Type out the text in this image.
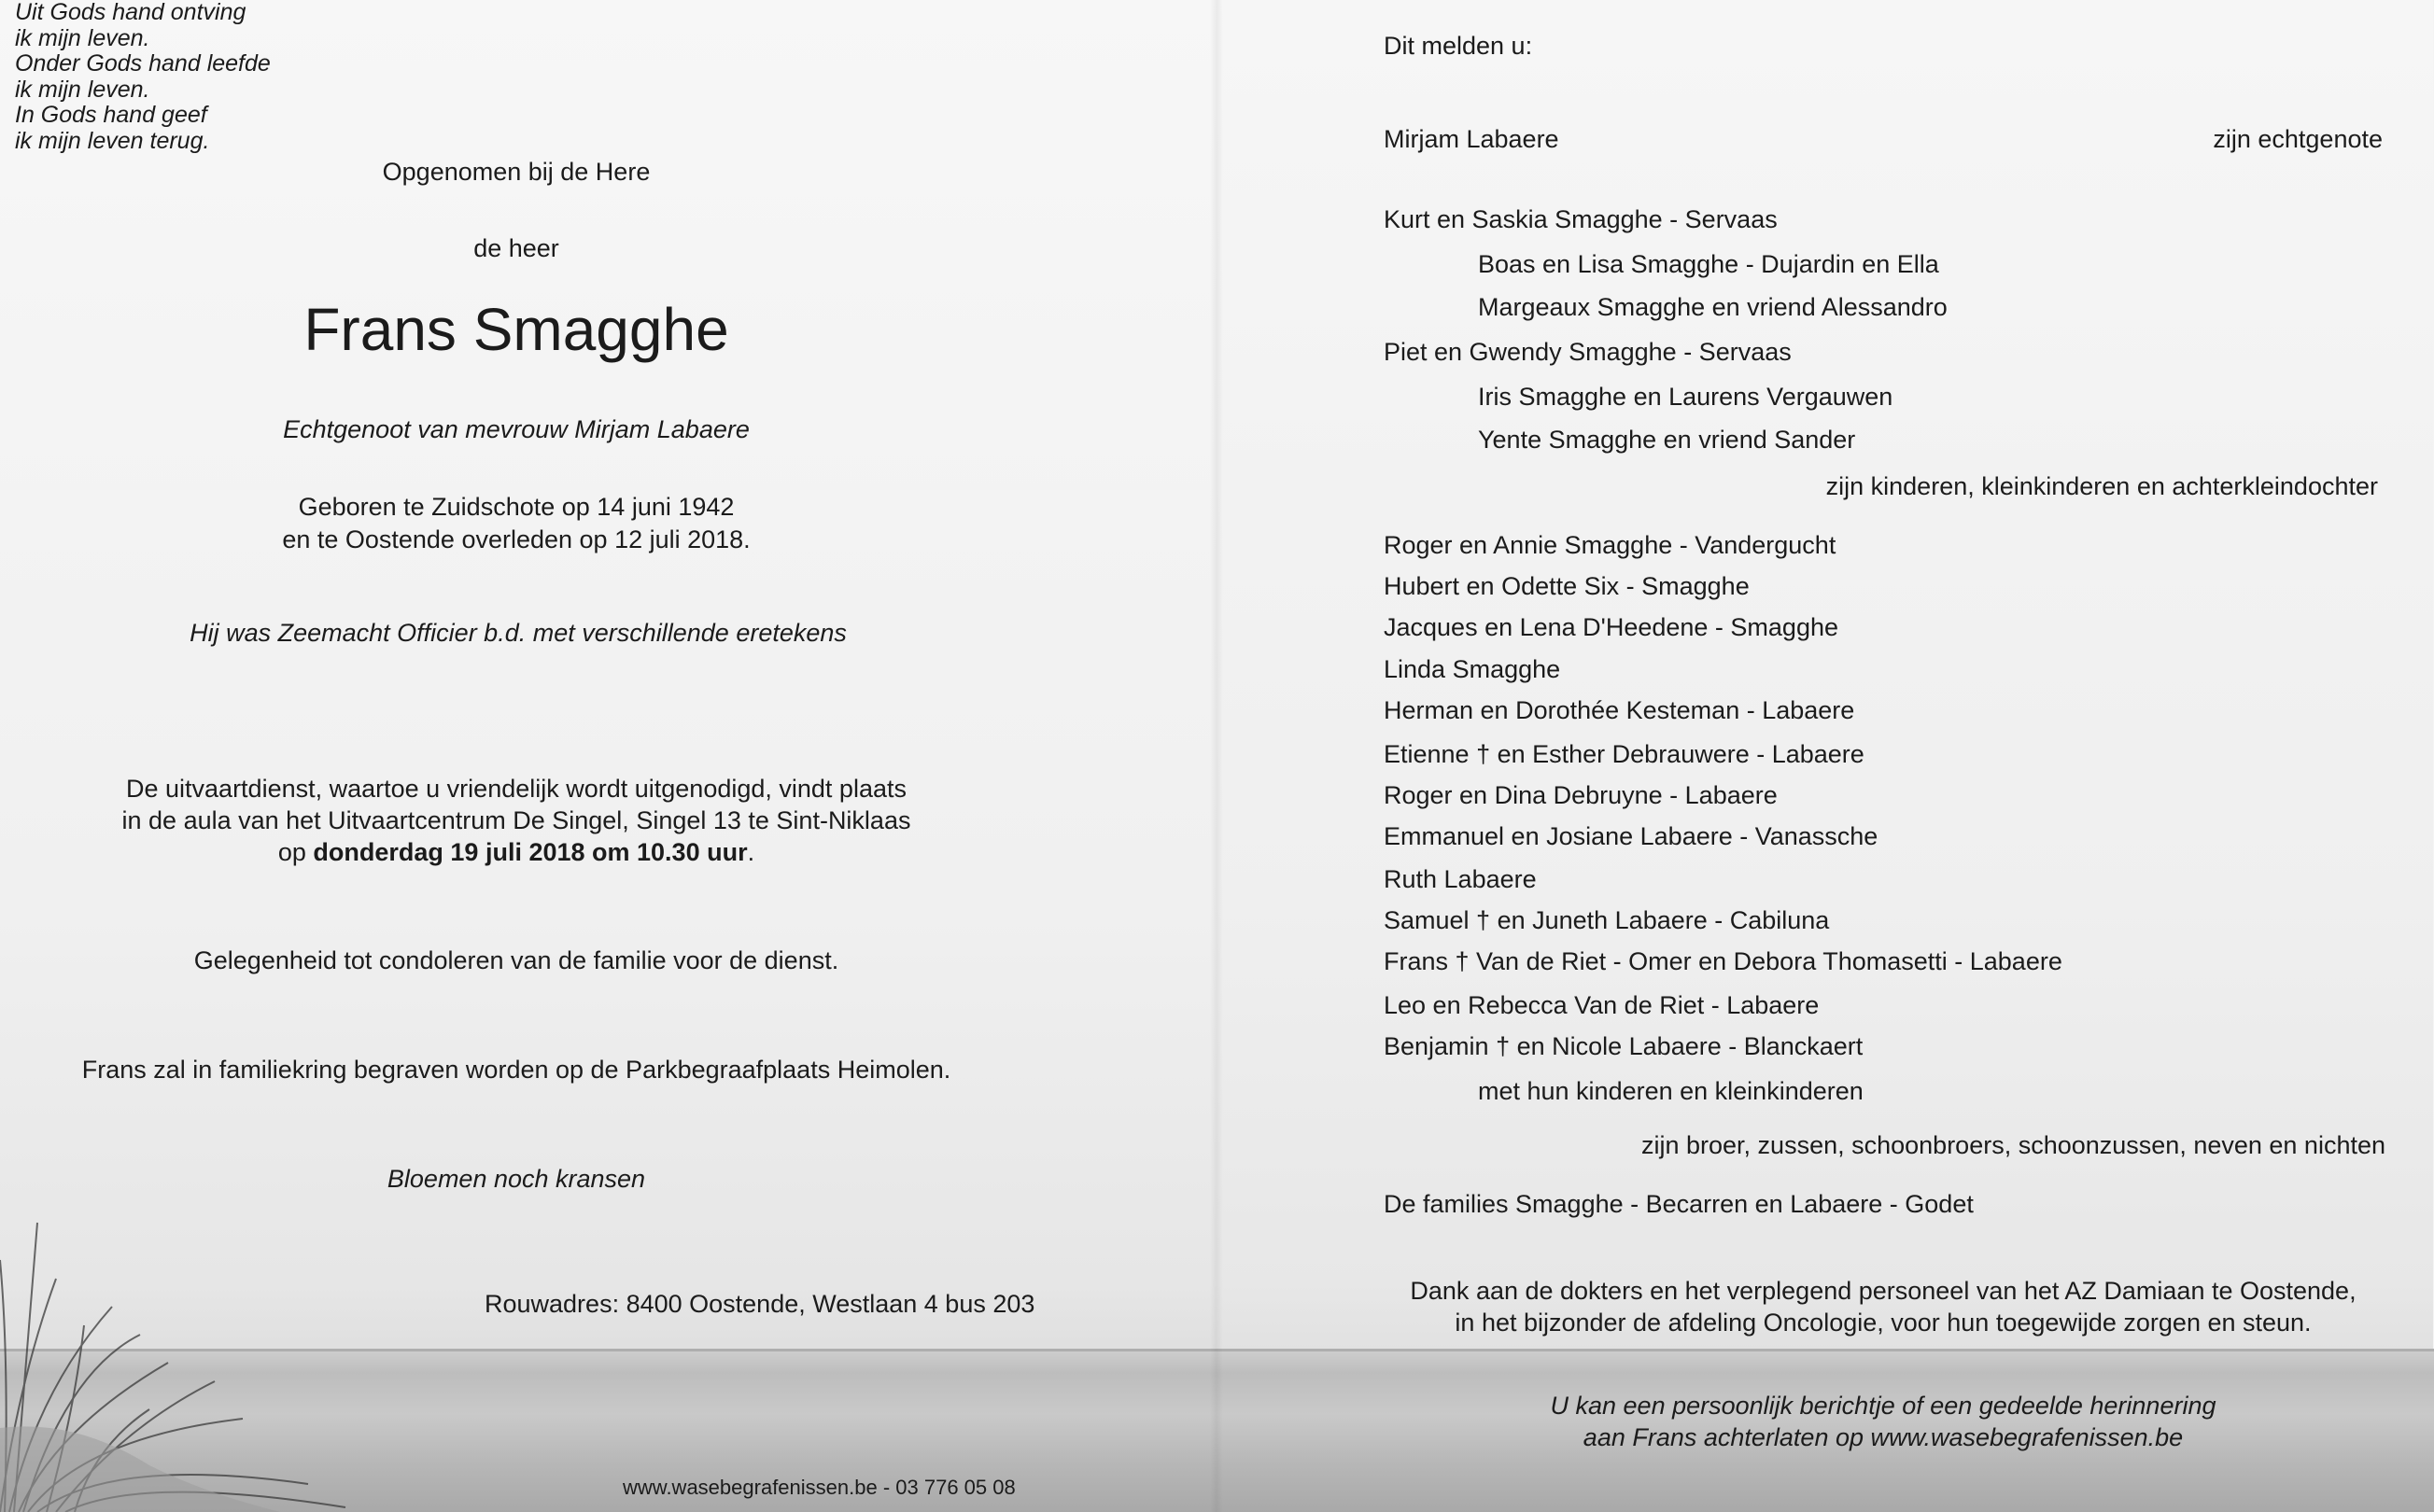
Uit Gods hand ontving
ik mijn leven.
Onder Gods hand leefde
ik mijn leven.
In Gods hand geef
ik mijn leven terug.
Opgenomen bij de Here
de heer
Frans Smagghe
Echtgenoot van mevrouw Mirjam Labaere
Geboren te Zuidschote op 14 juni 1942
en te Oostende overleden op 12 juli 2018.
Hij was Zeemacht Officier b.d. met verschillende eretekens
De uitvaartdienst, waartoe u vriendelijk wordt uitgenodigd, vindt plaats
in de aula van het Uitvaartcentrum De Singel, Singel 13 te Sint-Niklaas
op donderdag 19 juli 2018 om 10.30 uur.
Gelegenheid tot condoleren van de familie voor de dienst.
Frans zal in familiekring begraven worden op de Parkbegraafplaats Heimolen.
Bloemen noch kransen
Rouwadres: 8400 Oostende, Westlaan 4 bus 203
www.wasebegrafenissen.be - 03 776 05 08
Dit melden u:
Mirjam Labaere	zijn echtgenote
Kurt en Saskia Smagghe - Servaas
Boas en Lisa Smagghe - Dujardin en Ella
Margeaux Smagghe en vriend Alessandro
Piet en Gwendy Smagghe - Servaas
Iris Smagghe en Laurens Vergauwen
Yente Smagghe en vriend Sander
zijn kinderen, kleinkinderen en achterkleindochter
Roger en Annie Smagghe - Vandergucht
Hubert en Odette Six - Smagghe
Jacques en Lena D'Heedene - Smagghe
Linda Smagghe
Herman en Dorothée Kesteman - Labaere
Etienne † en Esther Debrauwere - Labaere
Roger en Dina Debruyne - Labaere
Emmanuel en Josiane Labaere - Vanassche
Ruth Labaere
Samuel † en Juneth Labaere - Cabiluna
Frans † Van de Riet - Omer en Debora Thomasetti - Labaere
Leo en Rebecca Van de Riet - Labaere
Benjamin † en Nicole Labaere - Blanckaert
met hun kinderen en kleinkinderen
zijn broer, zussen, schoonbroers, schoonzussen, neven en nichten
De families Smagghe - Becarren en Labaere - Godet
Dank aan de dokters en het verplegend personeel van het AZ Damiaan te Oostende,
in het bijzonder de afdeling Oncologie, voor hun toegewijde zorgen en steun.
U kan een persoonlijk berichtje of een gedeelde herinnering
aan Frans achterlaten op www.wasebegrafenissen.be
